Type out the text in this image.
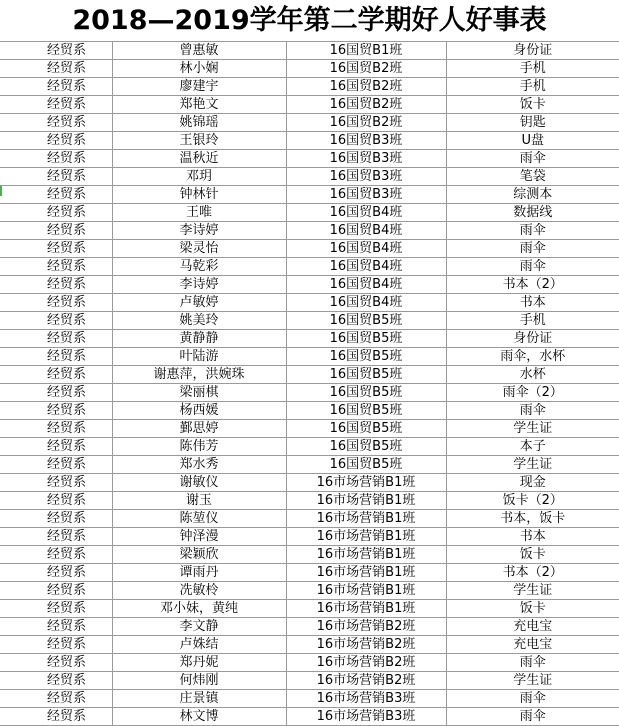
2018—2019学年第二学期好人好事表
经贸系	曾惠敏	16国贸B1班	身份证
经贸系	林小娴	16国贸B2班	手机
经贸系	廖建宇	16国贸B2班	手机
经贸系	郑艳文	16国贸B2班	饭卡
经贸系	姚锦瑶	16国贸B2班	钥匙
经贸系	王银玲	16国贸B3班	U盘
经贸系	温秋近	16国贸B3班	雨伞
经贸系	邓玥	16国贸B3班	笔袋
经贸系	钟林针	16国贸B3班	综测本
经贸系	王唯	16国贸B4班	数据线
经贸系	李诗婷	16国贸B4班	雨伞
经贸系	梁灵怡	16国贸B4班	雨伞
经贸系	马乾彩	16国贸B4班	雨伞
经贸系	李诗婷	16国贸B4班	书本（2）
经贸系	卢敏婷	16国贸B4班	书本
经贸系	姚美玲	16国贸B5班	手机
经贸系	黄静静	16国贸B5班	身份证
经贸系	叶陆游	16国贸B5班	雨伞，水杯
经贸系	谢惠萍，洪婉珠	16国贸B5班	水杯
经贸系	梁丽棋	16国贸B5班	雨伞（2）
经贸系	杨西媛	16国贸B5班	雨伞
经贸系	鄞思婷	16国贸B5班	学生证
经贸系	陈伟芳	16国贸B5班	本子
经贸系	郑水秀	16国贸B5班	学生证
经贸系	谢敏仪	16市场营销B1班	现金
经贸系	谢玉	16市场营销B1班	饭卡（2）
经贸系	陈堃仪	16市场营销B1班	书本，饭卡
经贸系	钟泽漫	16市场营销B1班	书本
经贸系	梁颖欣	16市场营销B1班	饭卡
经贸系	谭雨丹	16市场营销B1班	书本（2）
经贸系	冼敏柃	16市场营销B1班	学生证
经贸系	邓小妹，黄纯	16市场营销B1班	饭卡
经贸系	李文静	16市场营销B2班	充电宝
经贸系	卢姝结	16市场营销B2班	充电宝
经贸系	郑丹妮	16市场营销B2班	雨伞
经贸系	何炜刚	16市场营销B2班	学生证
经贸系	庄景镇	16市场营销B3班	雨伞
经贸系	林文博	16市场营销B3班	雨伞
